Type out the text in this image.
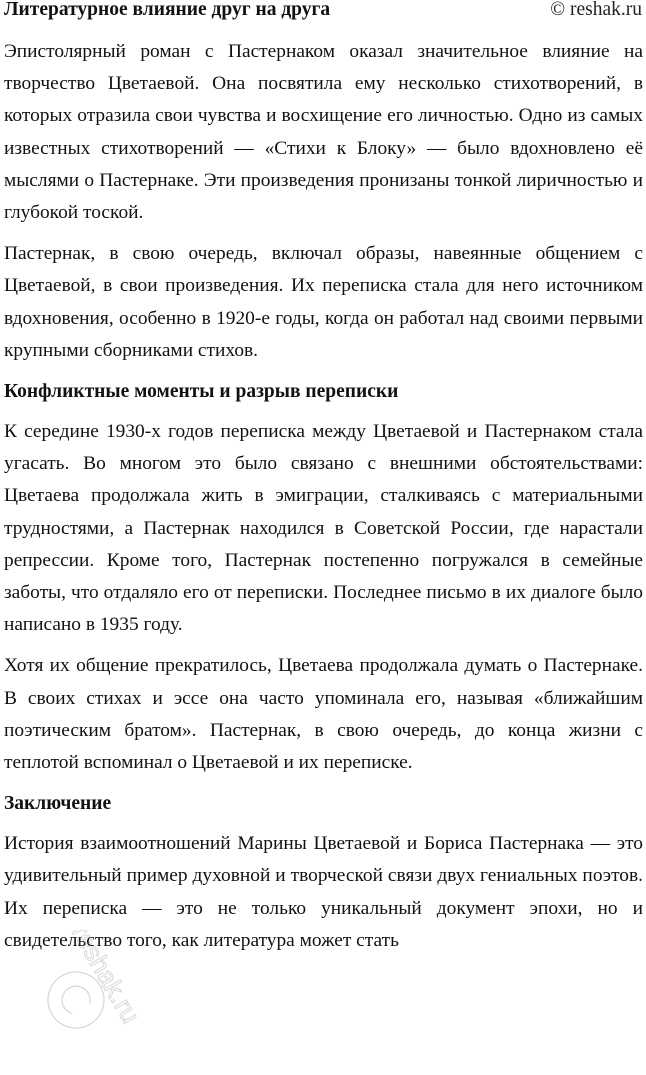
Литературное влияние друг на друга	© reshak.ru

Эпистолярный роман с Пастернаком оказал значительное влияние на творчество Цветаевой. Она посвятила ему несколько стихотворений, в которых отразила свои чувства и восхищение его личностью. Одно из самых известных стихотворений — «Стихи к Блоку» — было вдохновлено её мыслями о Пастернаке. Эти произведения пронизаны тонкой лиричностью и глубокой тоской.

Пастернак, в свою очередь, включал образы, навеянные общением с Цветаевой, в свои произведения. Их переписка стала для него источником вдохновения, особенно в 1920-е годы, когда он работал над своими первыми крупными сборниками стихов.

Конфликтные моменты и разрыв переписки

К середине 1930-х годов переписка между Цветаевой и Пастернаком стала угасать. Во многом это было связано с внешними обстоятельствами: Цветаева продолжала жить в эмиграции, сталкиваясь с материальными трудностями, а Пастернак находился в Советской России, где нарастали репрессии. Кроме того, Пастернак постепенно погружался в семейные заботы, что отдаляло его от переписки. Последнее письмо в их диалоге было написано в 1935 году.

Хотя их общение прекратилось, Цветаева продолжала думать о Пастернаке. В своих стихах и эссе она часто упоминала его, называя «ближайшим поэтическим братом». Пастернак, в свою очередь, до конца жизни с теплотой вспоминал о Цветаевой и их переписке.

Заключение

История взаимоотношений Марины Цветаевой и Бориса Пастернака — это удивительный пример духовной и творческой связи двух гениальных поэтов. Их переписка — это не только уникальный документ эпохи, но и свидетельство того, как литература может стать

reshak.ru
